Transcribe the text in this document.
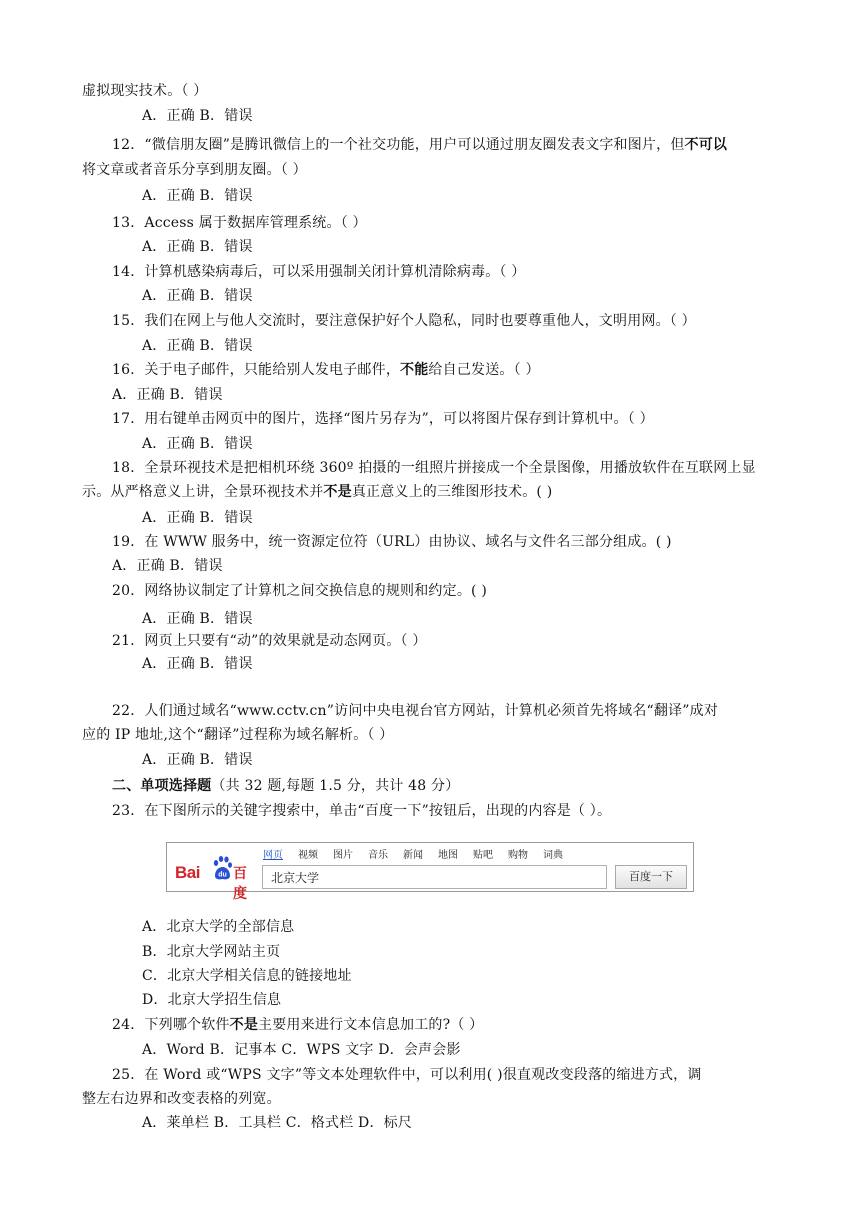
虚拟现实技术。（ ）
A．正确 B．错误
12．“微信朋友圈”是腾讯微信上的一个社交功能，用户可以通过朋友圈发表文字和图片，但不可以
将文章或者音乐分享到朋友圈。（ ）
A．正确 B．错误
13．Access 属于数据库管理系统。（ ）
A．正确 B．错误
14．计算机感染病毒后，可以采用强制关闭计算机清除病毒。（ ）
A．正确 B．错误
15．我们在网上与他人交流时，要注意保护好个人隐私，同时也要尊重他人，文明用网。（ ）
A．正确 B．错误
16．关于电子邮件，只能给别人发电子邮件，不能给自己发送。（ ）
A．正确 B．错误
17．用右键单击网页中的图片，选择“图片另存为”，可以将图片保存到计算机中。（ ）
A．正确 B．错误
18．全景环视技术是把相机环绕 360º 拍摄的一组照片拼接成一个全景图像，用播放软件在互联网上显
示。从严格意义上讲，全景环视技术并不是真正意义上的三维图形技术。( )
A．正确 B．错误
19．在 WWW 服务中，统一资源定位符（URL）由协议、域名与文件名三部分组成。( )
A．正确 B．错误
20．网络协议制定了计算机之间交换信息的规则和约定。( )
A．正确 B．错误
21．网页上只要有“动”的效果就是动态网页。（ ）
A．正确 B．错误
22．人们通过域名“www.cctv.cn”访问中央电视台官方网站，计算机必须首先将域名“翻译”成对
应的 IP 地址,这个“翻译”过程称为域名解析。（ ）
A．正确 B．错误
二、单项选择题（共 32 题,每题 1.5 分，共计 48 分）
23．在下图所示的关键字搜索中，单击“百度一下”按钮后，出现的内容是（ ）。
Bai	du 百度
网页 视频 图片 音乐 新闻 地图 贴吧 购物 词典
北京大学	百度一下
A．北京大学的全部信息
B．北京大学网站主页
C．北京大学相关信息的链接地址
D．北京大学招生信息
24．下列哪个软件不是主要用来进行文本信息加工的?（ ）
A．Word B．记事本 C．WPS 文字 D．会声会影
25．在 Word 或“WPS 文字”等文本处理软件中，可以利用( )很直观改变段落的缩进方式，调
整左右边界和改变表格的列宽。
A．莱单栏 B．工具栏 C．格式栏 D．标尺
